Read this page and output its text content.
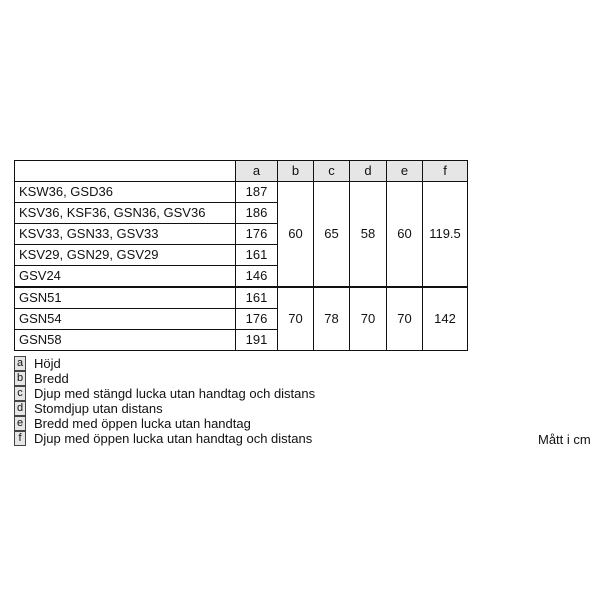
	a	b	c	d	e	f
KSW36, GSD36	187	60	65	58	60	119.5
KSV36, KSF36, GSN36, GSV36	186					
KSV33, GSN33, GSV33	176					
KSV29, GSN29, GSV29	161					
GSV24	146					
GSN51	161	70	78	70	70	142
GSN54	176					
GSN58	191					
a Höjd
b Bredd
c Djup med stängd lucka utan handtag och distans
d Stomdjup utan distans
e Bredd med öppen lucka utan handtag
f Djup med öppen lucka utan handtag och distans	Mått i cm
